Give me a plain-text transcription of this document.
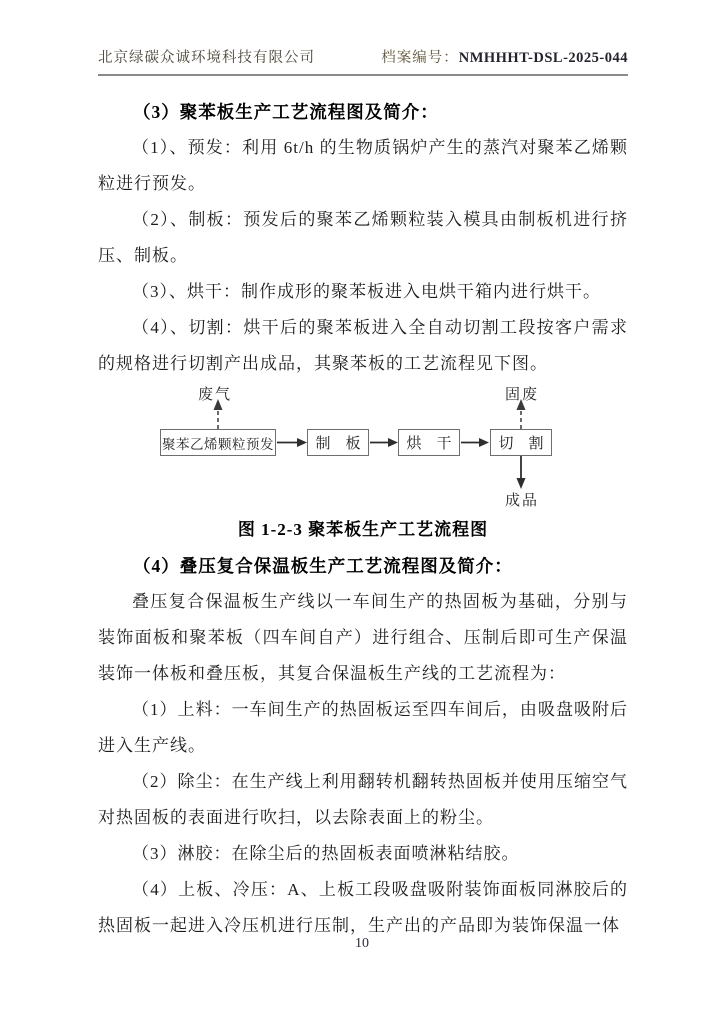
北京绿碳众诚环境科技有限公司	档案编号：NMHHHT-DSL-2025-044

（3）聚苯板生产工艺流程图及简介：

（1）、预发：利用 6t/h 的生物质锅炉产生的蒸汽对聚苯乙烯颗粒进行预发。

（2）、制板：预发后的聚苯乙烯颗粒装入模具由制板机进行挤压、制板。

（3）、烘干：制作成形的聚苯板进入电烘干箱内进行烘干。

（4）、切割：烘干后的聚苯板进入全自动切割工段按客户需求的规格进行切割产出成品，其聚苯板的工艺流程见下图。

废气	固废
成品
聚苯乙烯颗粒预发	制　板	烘　干	切　割

图 1-2-3 聚苯板生产工艺流程图

（4）叠压复合保温板生产工艺流程图及简介：

叠压复合保温板生产线以一车间生产的热固板为基础，分别与装饰面板和聚苯板（四车间自产）进行组合、压制后即可生产保温装饰一体板和叠压板，其复合保温板生产线的工艺流程为：

（1）上料：一车间生产的热固板运至四车间后，由吸盘吸附后进入生产线。

（2）除尘：在生产线上利用翻转机翻转热固板并使用压缩空气对热固板的表面进行吹扫，以去除表面上的粉尘。

（3）淋胶：在除尘后的热固板表面喷淋粘结胶。

（4）上板、冷压：A、上板工段吸盘吸附装饰面板同淋胶后的热固板一起进入冷压机进行压制，生产出的产品即为装饰保温一体

10
